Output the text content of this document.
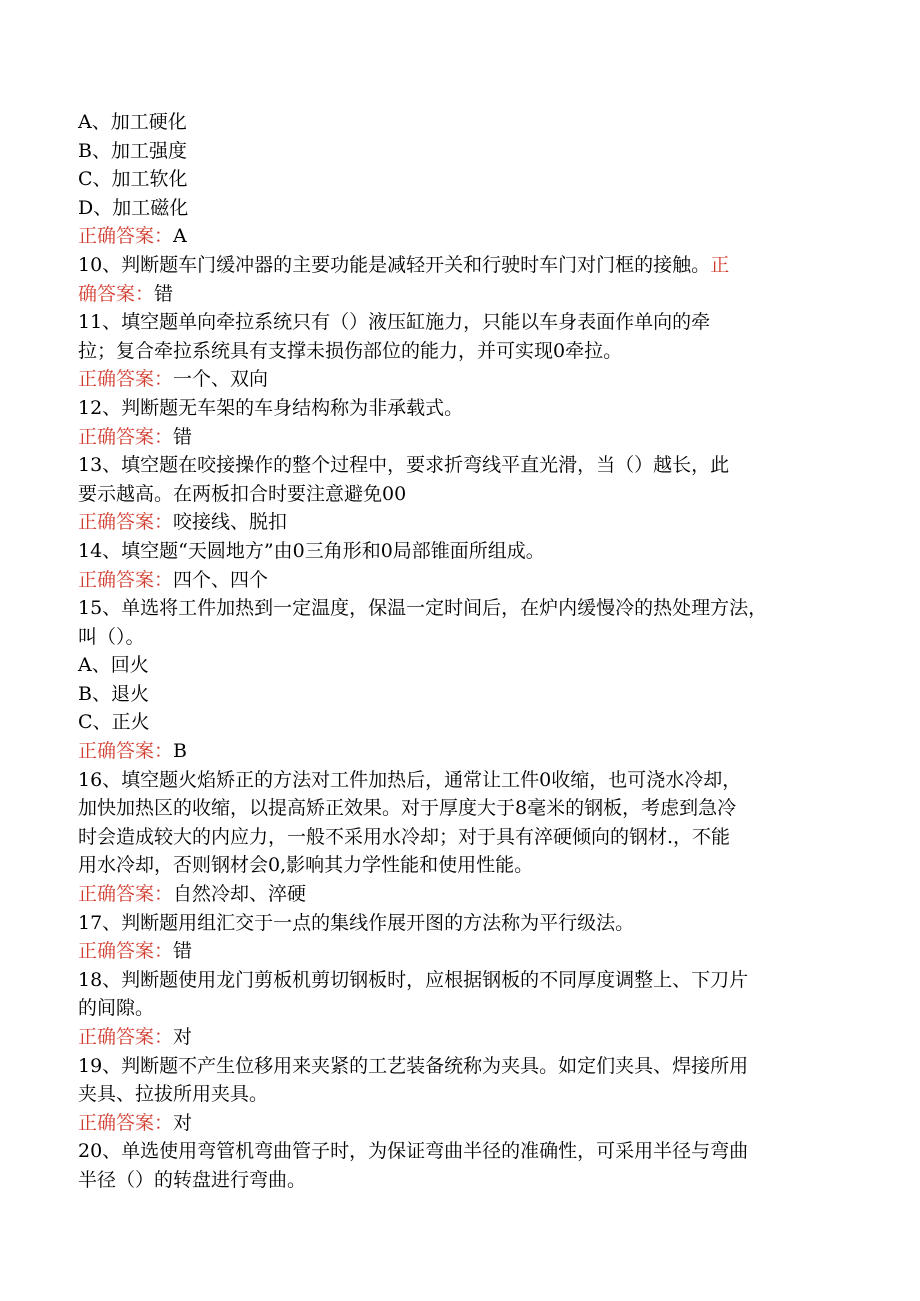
A、加工硬化
B、加工强度
C、加工软化
D、加工磁化
正确答案：A
10、判断题车门缓冲器的主要功能是减轻开关和行驶时车门对门框的接触。正
确答案：错
11、填空题单向牵拉系统只有（）液压缸施力，只能以车身表面作单向的牵
拉；复合牵拉系统具有支撑未损伤部位的能力，并可实现0牵拉。
正确答案：一个、双向
12、判断题无车架的车身结构称为非承载式。
正确答案：错
13、填空题在咬接操作的整个过程中，要求折弯线平直光滑，当（）越长，此
要示越高。在两板扣合时要注意避免00
正确答案：咬接线、脱扣
14、填空题“天圆地方”由0三角形和0局部锥面所组成。
正确答案：四个、四个
15、单选将工件加热到一定温度，保温一定时间后，在炉内缓慢冷的热处理方法，
叫（）。
A、回火
B、退火
C、正火
正确答案：B
16、填空题火焰矫正的方法对工件加热后，通常让工件0收缩，也可浇水冷却，
加快加热区的收缩，以提高矫正效果。对于厚度大于8毫米的钢板，考虑到急冷
时会造成较大的内应力，一般不采用水冷却；对于具有淬硬倾向的钢材.，不能
用水冷却，否则钢材会0,影响其力学性能和使用性能。
正确答案：自然冷却、淬硬
17、判断题用组汇交于一点的集线作展开图的方法称为平行级法。
正确答案：错
18、判断题使用龙门剪板机剪切钢板时，应根据钢板的不同厚度调整上、下刀片
的间隙。
正确答案：对
19、判断题不产生位移用来夹紧的工艺装备统称为夹具。如定们夹具、焊接所用
夹具、拉拔所用夹具。
正确答案：对
20、单选使用弯管机弯曲管子时，为保证弯曲半径的准确性，可采用半径与弯曲
半径（）的转盘进行弯曲。
